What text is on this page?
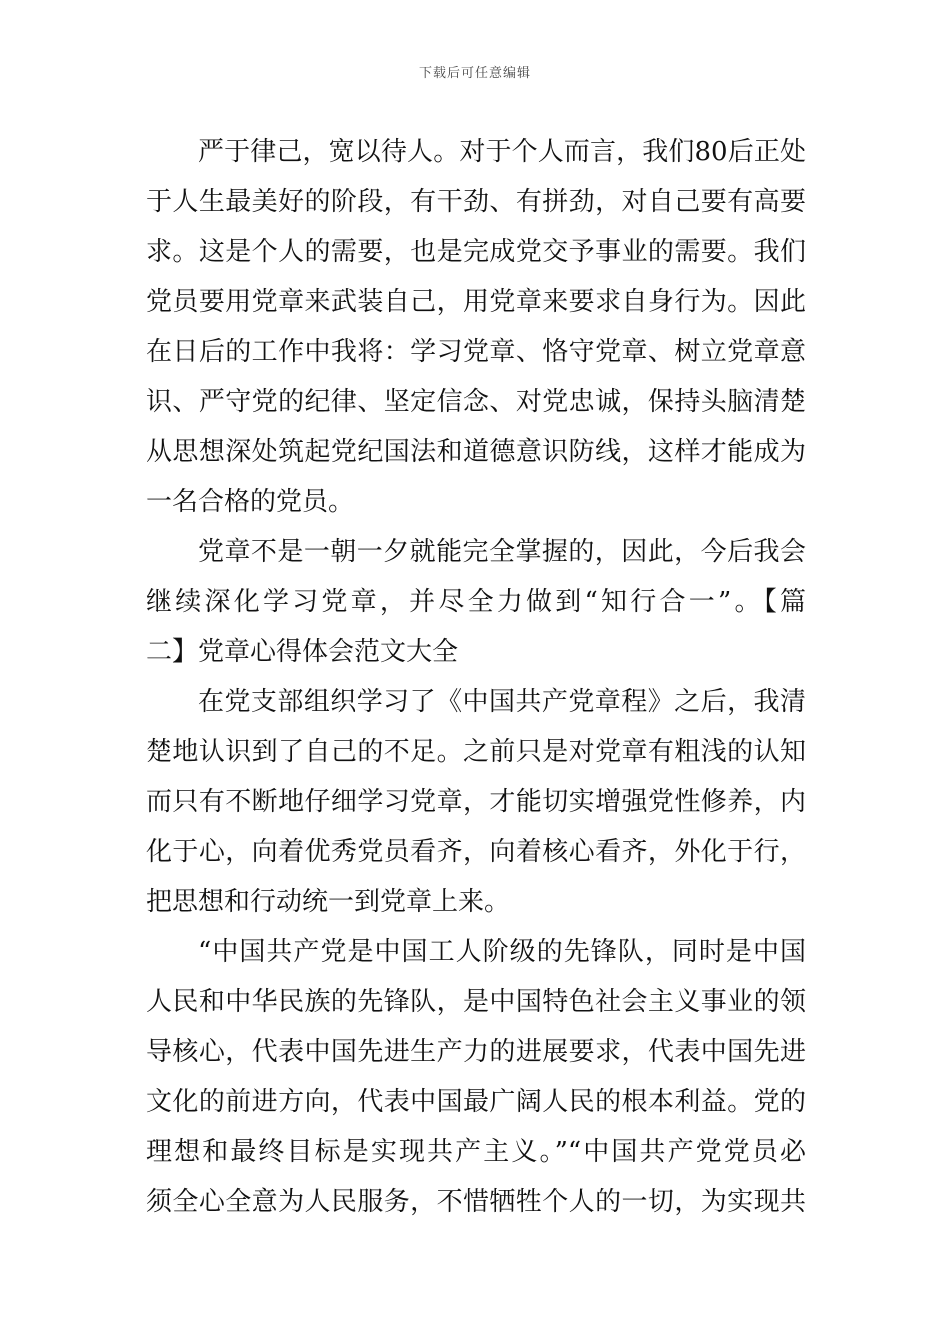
下载后可任意编辑
严于律己，宽以待人。对于个人而言，我们80后正处
于人生最美好的阶段，有干劲、有拼劲，对自己要有高要
求。这是个人的需要，也是完成党交予事业的需要。我们
党员要用党章来武装自己，用党章来要求自身行为。因此
在日后的工作中我将：学习党章、恪守党章、树立党章意
识、严守党的纪律、坚定信念、对党忠诚，保持头脑清楚
从思想深处筑起党纪国法和道德意识防线，这样才能成为
一名合格的党员。
党章不是一朝一夕就能完全掌握的，因此，今后我会
继续深化学习党章，并尽全力做到“知行合一”。【篇
二】党章心得体会范文大全
在党支部组织学习了《中国共产党章程》之后，我清
楚地认识到了自己的不足。之前只是对党章有粗浅的认知
而只有不断地仔细学习党章，才能切实增强党性修养，内
化于心，向着优秀党员看齐，向着核心看齐，外化于行，
把思想和行动统一到党章上来。
“中国共产党是中国工人阶级的先锋队，同时是中国
人民和中华民族的先锋队，是中国特色社会主义事业的领
导核心，代表中国先进生产力的进展要求，代表中国先进
文化的前进方向，代表中国最广阔人民的根本利益。党的
理想和最终目标是实现共产主义。”“中国共产党党员必
须全心全意为人民服务，不惜牺牲个人的一切，为实现共
